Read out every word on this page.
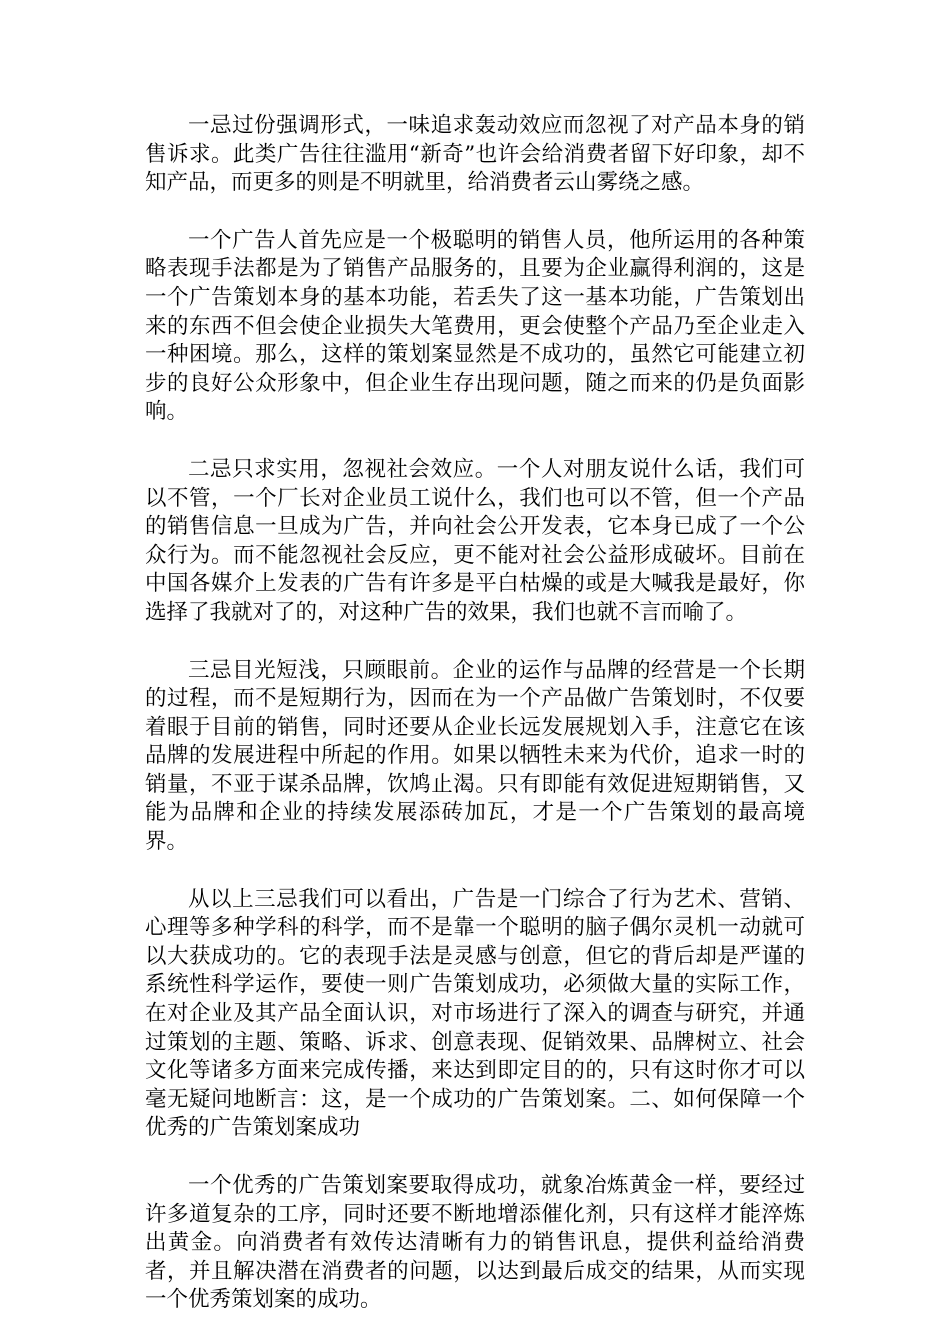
一忌过份强调形式，一味追求轰动效应而忽视了对产品本身的销售诉求。此类广告往往滥用“新奇”也许会给消费者留下好印象，却不知产品，而更多的则是不明就里，给消费者云山雾绕之感。

一个广告人首先应是一个极聪明的销售人员，他所运用的各种策略表现手法都是为了销售产品服务的，且要为企业赢得利润的，这是一个广告策划本身的基本功能，若丢失了这一基本功能，广告策划出来的东西不但会使企业损失大笔费用，更会使整个产品乃至企业走入一种困境。那么，这样的策划案显然是不成功的，虽然它可能建立初步的良好公众形象中，但企业生存出现问题，随之而来的仍是负面影响。

二忌只求实用，忽视社会效应。一个人对朋友说什么话，我们可以不管，一个厂长对企业员工说什么，我们也可以不管，但一个产品的销售信息一旦成为广告，并向社会公开发表，它本身已成了一个公众行为。而不能忽视社会反应，更不能对社会公益形成破坏。目前在中国各媒介上发表的广告有许多是平白枯燥的或是大喊我是最好，你选择了我就对了的，对这种广告的效果，我们也就不言而喻了。

三忌目光短浅，只顾眼前。企业的运作与品牌的经营是一个长期的过程，而不是短期行为，因而在为一个产品做广告策划时，不仅要着眼于目前的销售，同时还要从企业长远发展规划入手，注意它在该品牌的发展进程中所起的作用。如果以牺牲未来为代价，追求一时的销量，不亚于谋杀品牌，饮鸠止渴。只有即能有效促进短期销售，又能为品牌和企业的持续发展添砖加瓦，才是一个广告策划的最高境界。

从以上三忌我们可以看出，广告是一门综合了行为艺术、营销、心理等多种学科的科学，而不是靠一个聪明的脑子偶尔灵机一动就可以大获成功的。它的表现手法是灵感与创意，但它的背后却是严谨的系统性科学运作，要使一则广告策划成功，必须做大量的实际工作，在对企业及其产品全面认识，对市场进行了深入的调查与研究，并通过策划的主题、策略、诉求、创意表现、促销效果、品牌树立、社会文化等诸多方面来完成传播，来达到即定目的的，只有这时你才可以毫无疑问地断言：这，是一个成功的广告策划案。二、如何保障一个优秀的广告策划案成功

一个优秀的广告策划案要取得成功，就象冶炼黄金一样，要经过许多道复杂的工序，同时还要不断地增添催化剂，只有这样才能淬炼出黄金。向消费者有效传达清晰有力的销售讯息，提供利益给消费者，并且解决潜在消费者的问题，以达到最后成交的结果，从而实现一个优秀策划案的成功。
